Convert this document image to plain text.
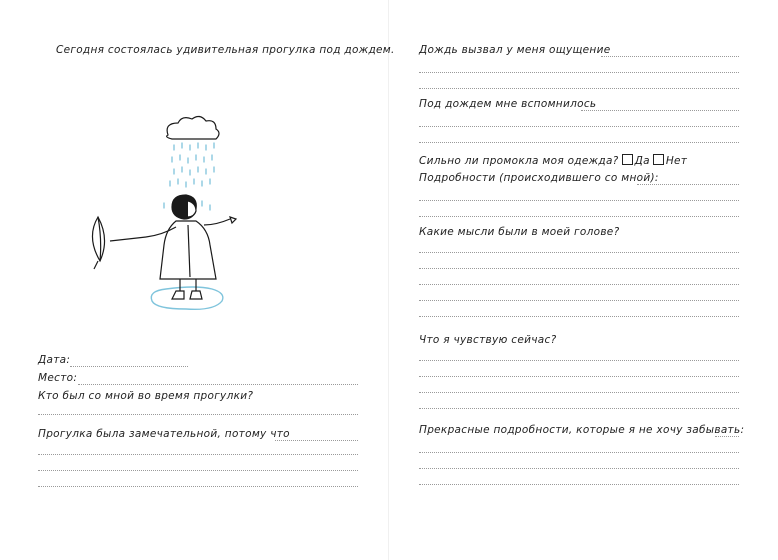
Сегодня состоялась удивительная прогулка под дождем.
Дата:
Место:
Кто был со мной во время прогулки?
Прогулка была замечательной, потому что
Дождь вызвал у меня ощущение
Под дождем мне вспомнилось
Сильно ли промокла моя одежда? Да Нет
Подробности (происходившего со мной):
Какие мысли были в моей голове?
Что я чувствую сейчас?
Прекрасные подробности, которые я не хочу забывать:
